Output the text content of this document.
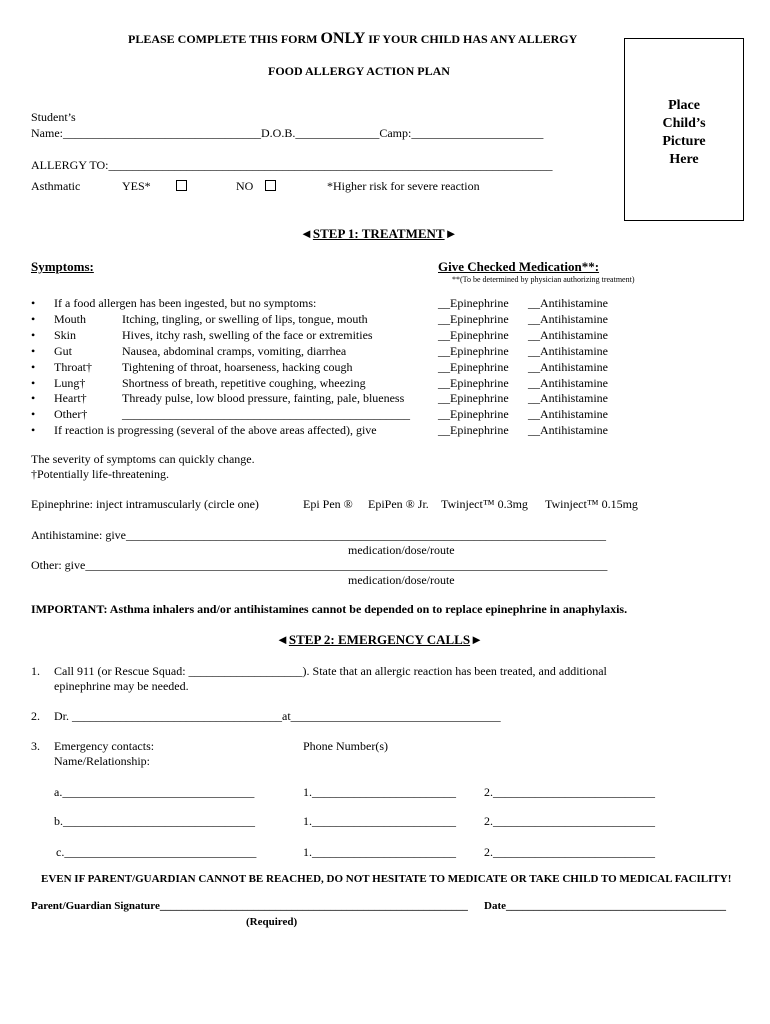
PLEASE COMPLETE THIS FORM ONLY IF YOUR CHILD HAS ANY ALLERGY
FOOD ALLERGY ACTION PLAN
Place
Child’s
Picture
Here
Student’s
Name:_________________________________D.O.B.______________Camp:______________________
ALLERGY TO:__________________________________________________________________________
Asthmatic	YES*	NO	*Higher risk for severe reaction
◄STEP 1: TREATMENT►
Symptoms:	Give Checked Medication**:
**(To be determined by physician authorizing treatment)
• If a food allergen has been ingested, but no symptoms:	__Epinephrine __Antihistamine
• Mouth	Itching, tingling, or swelling of lips, tongue, mouth	__Epinephrine __Antihistamine
• Skin	Hives, itchy rash, swelling of the face or extremities	__Epinephrine __Antihistamine
• Gut	Nausea, abdominal cramps, vomiting, diarrhea	__Epinephrine __Antihistamine
• Throat†	Tightening of throat, hoarseness, hacking cough	__Epinephrine __Antihistamine
• Lung†	Shortness of breath, repetitive coughing, wheezing	__Epinephrine __Antihistamine
• Heart†	Thready pulse, low blood pressure, fainting, pale, blueness	__Epinephrine __Antihistamine
• Other†	________________________________________________ __Epinephrine __Antihistamine
• If reaction is progressing (several of the above areas affected), give	__Epinephrine __Antihistamine
The severity of symptoms can quickly change.
†Potentially life-threatening.
Epinephrine: inject intramuscularly (circle one)	Epi Pen ® EpiPen ® Jr. Twinject™ 0.3mg Twinject™ 0.15mg
Antihistamine: give________________________________________________________________________________
medication/dose/route
Other: give_______________________________________________________________________________________
medication/dose/route
IMPORTANT: Asthma inhalers and/or antihistamines cannot be depended on to replace epinephrine in anaphylaxis.
◄STEP 2: EMERGENCY CALLS►
1. Call 911 (or Rescue Squad: ___________________). State that an allergic reaction has been treated, and additional
epinephrine may be needed.
2. Dr. ___________________________________at___________________________________
3. Emergency contacts:
Name/Relationship:
Phone Number(s)
a.________________________________	1.________________________ 2.___________________________
b.________________________________	1.________________________ 2.___________________________
c.________________________________	1.________________________ 2.___________________________
EVEN IF PARENT/GUARDIAN CANNOT BE REACHED, DO NOT HESITATE TO MEDICATE OR TAKE CHILD TO MEDICAL FACILITY!
Parent/Guardian Signature________________________________________________________ Date________________________________________
(Required)
